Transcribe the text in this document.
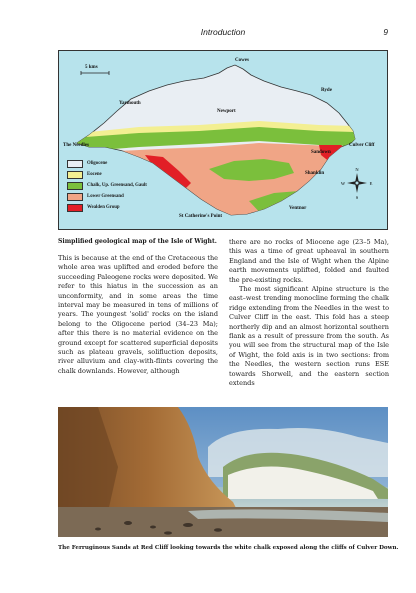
Introduction	9
N
S
W	E
5 kms
Cowes
Ryde
Yarmouth
Newport
The Needles	Culver Cliff
Sandown
Shanklin
Ventnor
St Catherine's Point
Oligocene
Eocene
Chalk, Up. Greensand, Gault
Lower Greensand
Wealden Group
Simplified geological map of the Isle of Wight.

This is because at the end of the Cretaceous the whole area was uplifted and eroded before the succeeding Paleogene rocks were deposited. We refer to this hiatus in the succession as an unconformity, and in some areas the time interval may be measured in tens of millions of years. The youngest 'solid' rocks on the island belong to the Oligocene period (34–23 Ma); after this there is no material evidence on the ground except for scattered superficial deposits such as plateau gravels, solifluction deposits, river alluvium and clay-with-flints covering the chalk downlands. However, although

there are no rocks of Miocene age (23–5 Ma), this was a time of great upheaval in southern England and the Isle of Wight when the Alpine earth movements uplifted, folded and faulted the pre-existing rocks.

The most significant Alpine structure is the east–west trending monocline forming the chalk ridge extending from the Needles in the west to Culver Cliff in the east. This fold has a steep northerly dip and an almost horizontal southern flank as a result of pressure from the south. As you will see from the structural map of the Isle of Wight, the fold axis is in two sections: from the Needles, the western section runs ESE towards Shorwell, and the eastern section extends

The Ferruginous Sands at Red Cliff looking towards the white chalk exposed along the cliffs of Culver Down.
